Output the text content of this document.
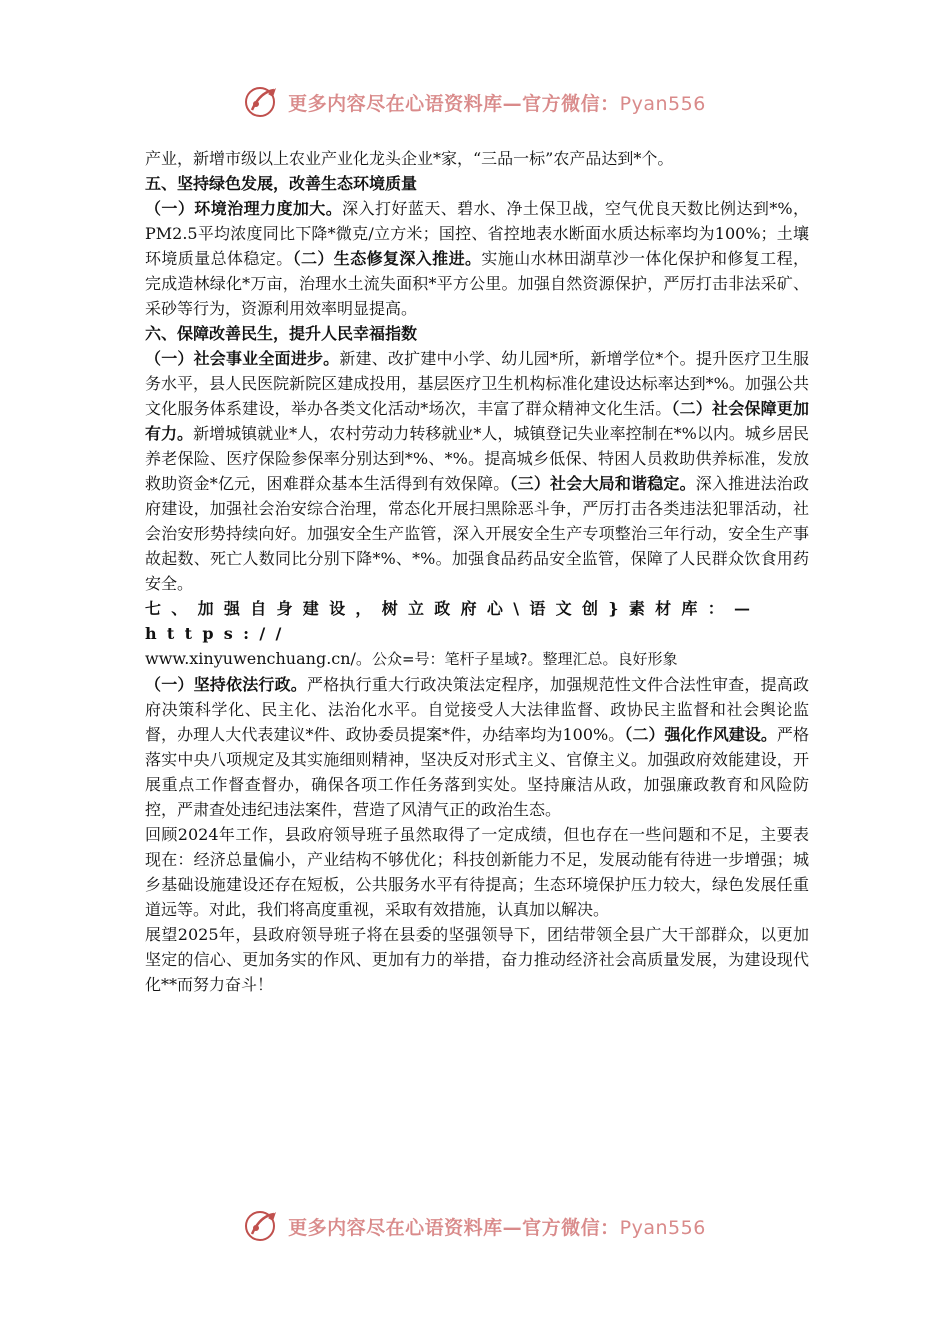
更多内容尽在心语资料库—官方微信：Pyan556

产业，新增市级以上农业产业化龙头企业*家，“三品一标”农产品达到*个。

五、坚持绿色发展，改善生态环境质量

（一）环境治理力度加大。深入打好蓝天、碧水、净土保卫战，空气优良天数比例达到*%，PM2.5平均浓度同比下降*微克/立方米；国控、省控地表水断面水质达标率均为100%；土壤环境质量总体稳定。（二）生态修复深入推进。实施山水林田湖草沙一体化保护和修复工程，完成造林绿化*万亩，治理水土流失面积*平方公里。加强自然资源保护，严厉打击非法采矿、采砂等行为，资源利用效率明显提高。

六、保障改善民生，提升人民幸福指数

（一）社会事业全面进步。新建、改扩建中小学、幼儿园*所，新增学位*个。提升医疗卫生服务水平，县人民医院新院区建成投用，基层医疗卫生机构标准化建设达标率达到*%。加强公共文化服务体系建设，举办各类文化活动*场次，丰富了群众精神文化生活。（二）社会保障更加有力。新增城镇就业*人，农村劳动力转移就业*人，城镇登记失业率控制在*%以内。城乡居民养老保险、医疗保险参保率分别达到*%、*%。提高城乡低保、特困人员救助供养标准，发放救助资金*亿元，困难群众基本生活得到有效保障。（三）社会大局和谐稳定。深入推进法治政府建设，加强社会治安综合治理，常态化开展扫黑除恶斗争，严厉打击各类违法犯罪活动，社会治安形势持续向好。加强安全生产监管，深入开展安全生产专项整治三年行动，安全生产事故起数、死亡人数同比分别下降*%、*%。加强食品药品安全监管，保障了人民群众饮食用药安全。

七、加强自身建设，树立政府心\语文创}素材库：—https://

www.xinyuwenchuang.cn/。公众=号：笔杆子星域?。整理汇总。良好形象

（一）坚持依法行政。严格执行重大行政决策法定程序，加强规范性文件合法性审查，提高政府决策科学化、民主化、法治化水平。自觉接受人大法律监督、政协民主监督和社会舆论监督，办理人大代表建议*件、政协委员提案*件，办结率均为100%。（二）强化作风建设。严格落实中央八项规定及其实施细则精神，坚决反对形式主义、官僚主义。加强政府效能建设，开展重点工作督查督办，确保各项工作任务落到实处。坚持廉洁从政，加强廉政教育和风险防控，严肃查处违纪违法案件，营造了风清气正的政治生态。

回顾2024年工作，县政府领导班子虽然取得了一定成绩，但也存在一些问题和不足，主要表现在：经济总量偏小，产业结构不够优化；科技创新能力不足，发展动能有待进一步增强；城乡基础设施建设还存在短板，公共服务水平有待提高；生态环境保护压力较大，绿色发展任重道远等。对此，我们将高度重视，采取有效措施，认真加以解决。

展望2025年，县政府领导班子将在县委的坚强领导下，团结带领全县广大干部群众，以更加坚定的信心、更加务实的作风、更加有力的举措，奋力推动经济社会高质量发展，为建设现代化**而努力奋斗！

更多内容尽在心语资料库—官方微信：Pyan556
